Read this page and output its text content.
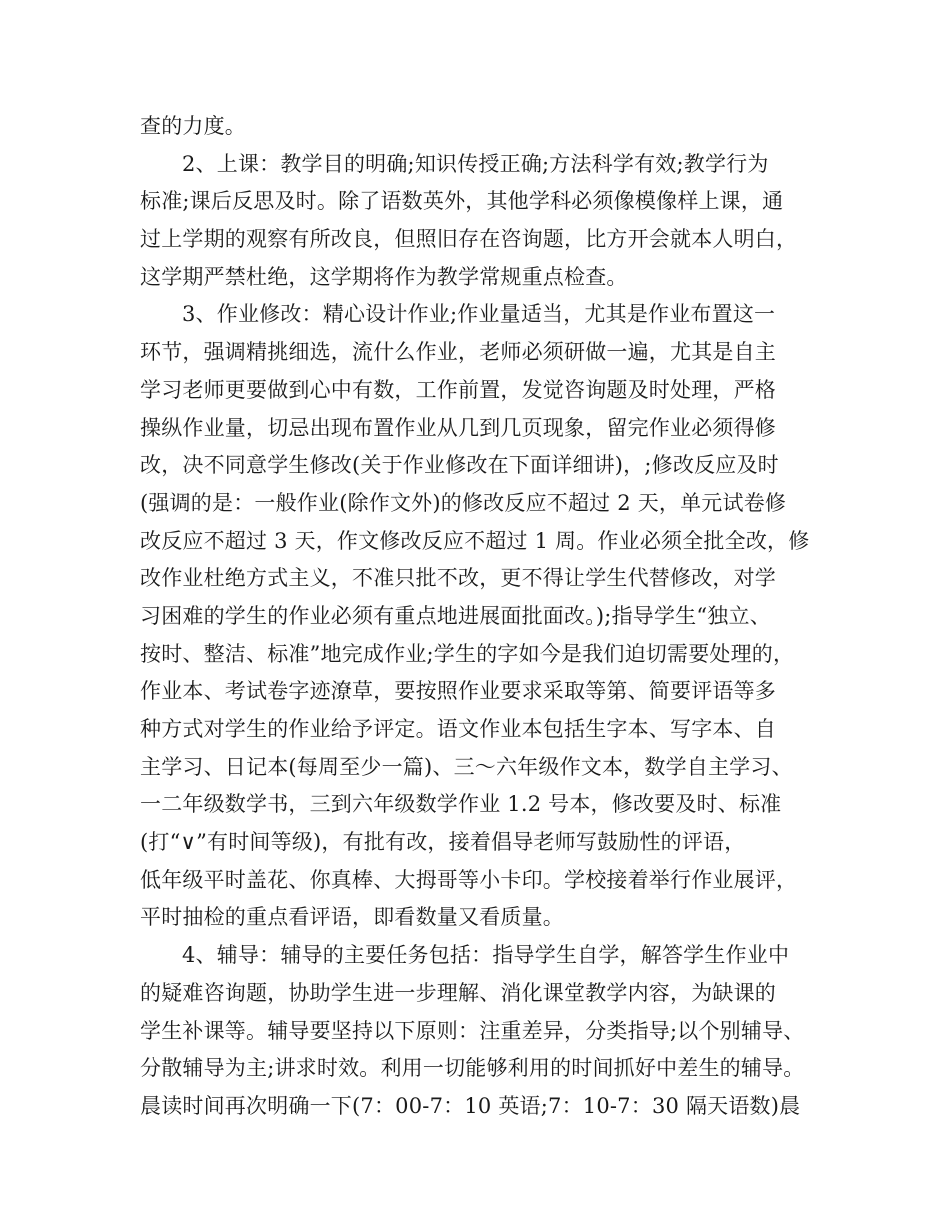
查的力度。
2、上课：教学目的明确;知识传授正确;方法科学有效;教学行为
标准;课后反思及时。除了语数英外，其他学科必须像模像样上课，通
过上学期的观察有所改良，但照旧存在咨询题，比方开会就本人明白，
这学期严禁杜绝，这学期将作为教学常规重点检查。
3、作业修改：精心设计作业;作业量适当，尤其是作业布置这一
环节，强调精挑细选，流什么作业，老师必须研做一遍，尤其是自主
学习老师更要做到心中有数，工作前置，发觉咨询题及时处理，严格
操纵作业量，切忌出现布置作业从几到几页现象，留完作业必须得修
改，决不同意学生修改(关于作业修改在下面详细讲)，;修改反应及时
(强调的是：一般作业(除作文外)的修改反应不超过 2 天，单元试卷修
改反应不超过 3 天，作文修改反应不超过 1 周。作业必须全批全改，修
改作业杜绝方式主义，不准只批不改，更不得让学生代替修改，对学
习困难的学生的作业必须有重点地进展面批面改。);指导学生“独立、
按时、整洁、标准”地完成作业;学生的字如今是我们迫切需要处理的，
作业本、考试卷字迹潦草，要按照作业要求采取等第、简要评语等多
种方式对学生的作业给予评定。语文作业本包括生字本、写字本、自
主学习、日记本(每周至少一篇)、三～六年级作文本，数学自主学习、
一二年级数学书，三到六年级数学作业 1.2 号本，修改要及时、标准
(打“∨”有时间等级)，有批有改，接着倡导老师写鼓励性的评语，
低年级平时盖花、你真棒、大拇哥等小卡印。学校接着举行作业展评，
平时抽检的重点看评语，即看数量又看质量。
4、辅导：辅导的主要任务包括：指导学生自学，解答学生作业中
的疑难咨询题，协助学生进一步理解、消化课堂教学内容，为缺课的
学生补课等。辅导要坚持以下原则：注重差异，分类指导;以个别辅导、
分散辅导为主;讲求时效。利用一切能够利用的时间抓好中差生的辅导。
晨读时间再次明确一下(7：00-7：10 英语;7：10-7：30 隔天语数)晨
